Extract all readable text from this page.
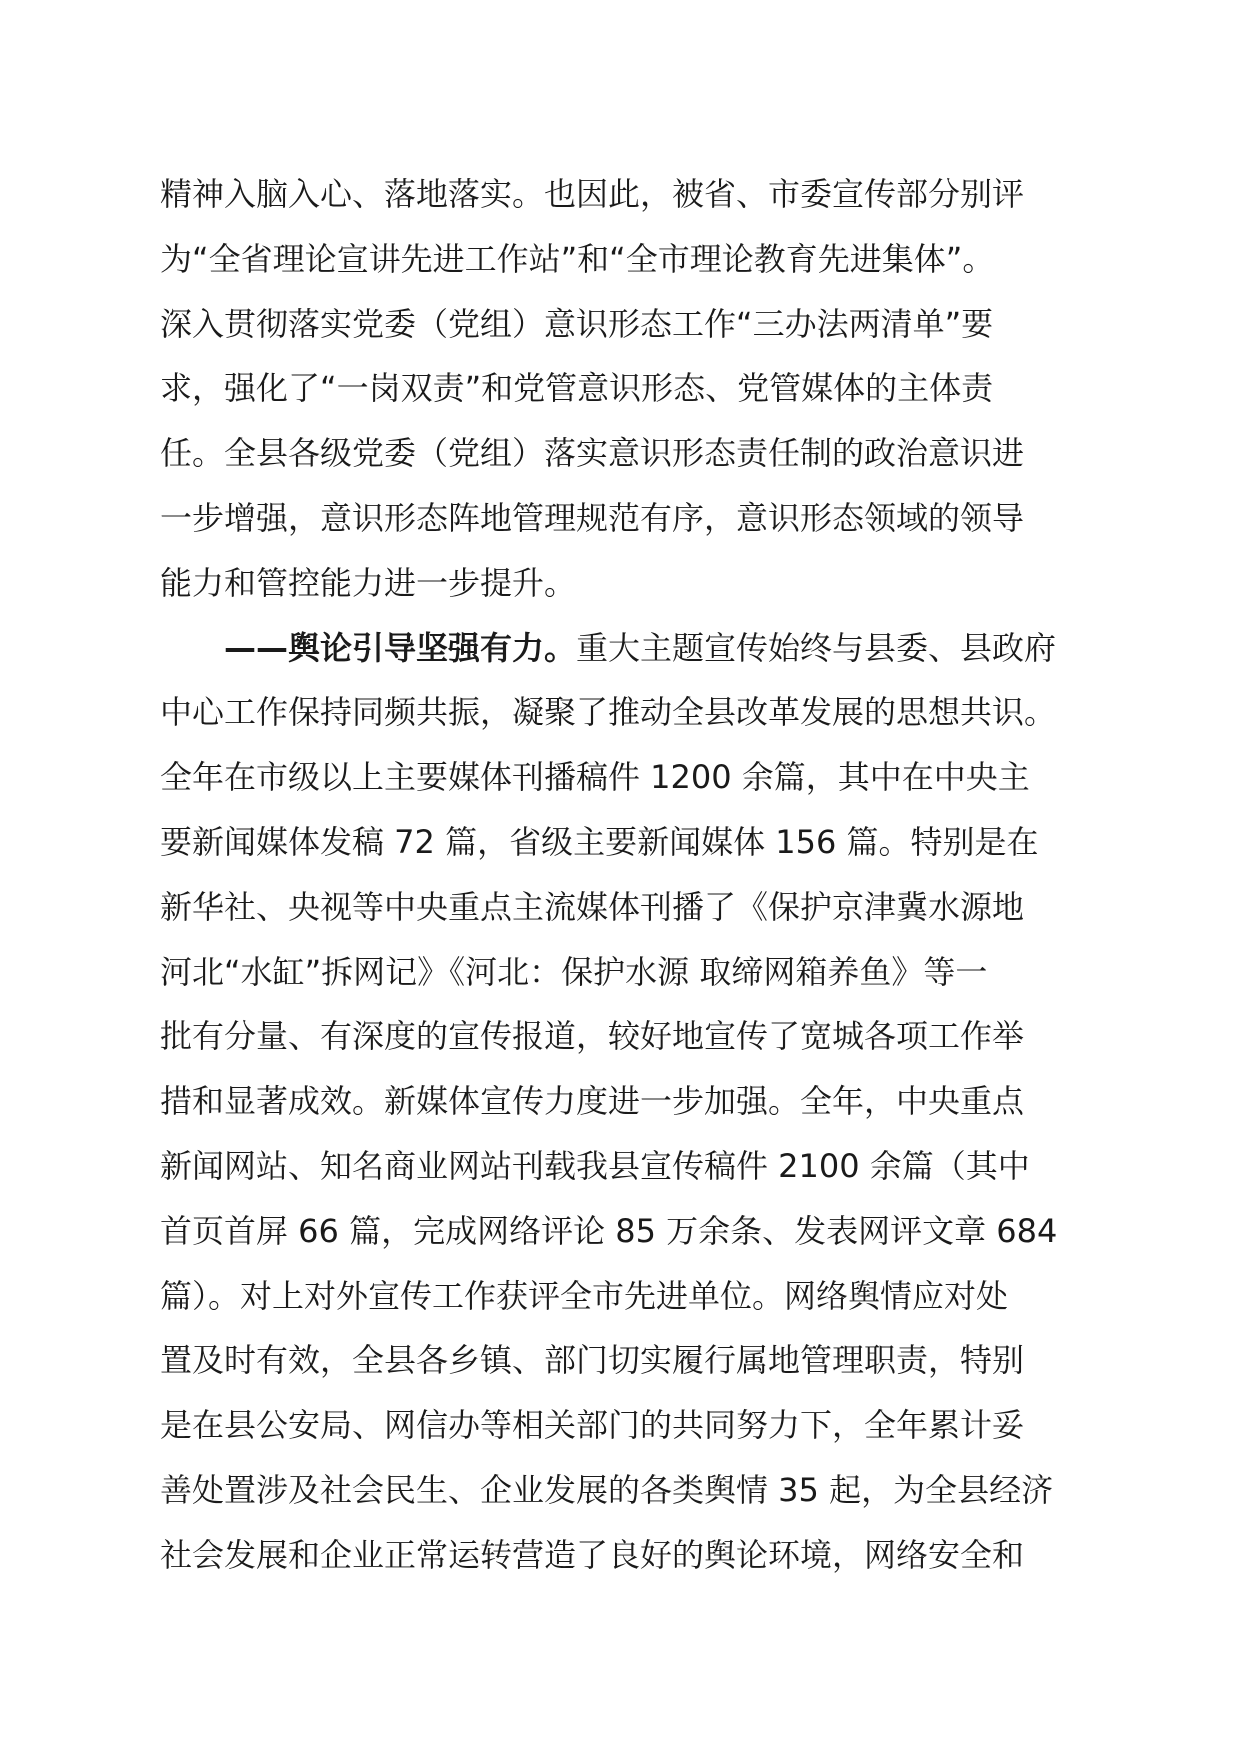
精神入脑入心、落地落实。也因此，被省、市委宣传部分别评
为“全省理论宣讲先进工作站”和“全市理论教育先进集体”。
深入贯彻落实党委（党组）意识形态工作“三办法两清单”要
求，强化了“一岗双责”和党管意识形态、党管媒体的主体责
任。全县各级党委（党组）落实意识形态责任制的政治意识进
一步增强，意识形态阵地管理规范有序，意识形态领域的领导
能力和管控能力进一步提升。
——舆论引导坚强有力。重大主题宣传始终与县委、县政府
中心工作保持同频共振，凝聚了推动全县改革发展的思想共识。
全年在市级以上主要媒体刊播稿件 1200 余篇，其中在中央主
要新闻媒体发稿 72 篇，省级主要新闻媒体 156 篇。特别是在
新华社、央视等中央重点主流媒体刊播了《保护京津冀水源地
河北“水缸”拆网记》《河北：保护水源 取缔网箱养鱼》等一
批有分量、有深度的宣传报道，较好地宣传了宽城各项工作举
措和显著成效。新媒体宣传力度进一步加强。全年，中央重点
新闻网站、知名商业网站刊载我县宣传稿件 2100 余篇（其中
首页首屏 66 篇，完成网络评论 85 万余条、发表网评文章 684
篇）。对上对外宣传工作获评全市先进单位。网络舆情应对处
置及时有效，全县各乡镇、部门切实履行属地管理职责，特别
是在县公安局、网信办等相关部门的共同努力下，全年累计妥
善处置涉及社会民生、企业发展的各类舆情 35 起，为全县经济
社会发展和企业正常运转营造了良好的舆论环境，网络安全和
